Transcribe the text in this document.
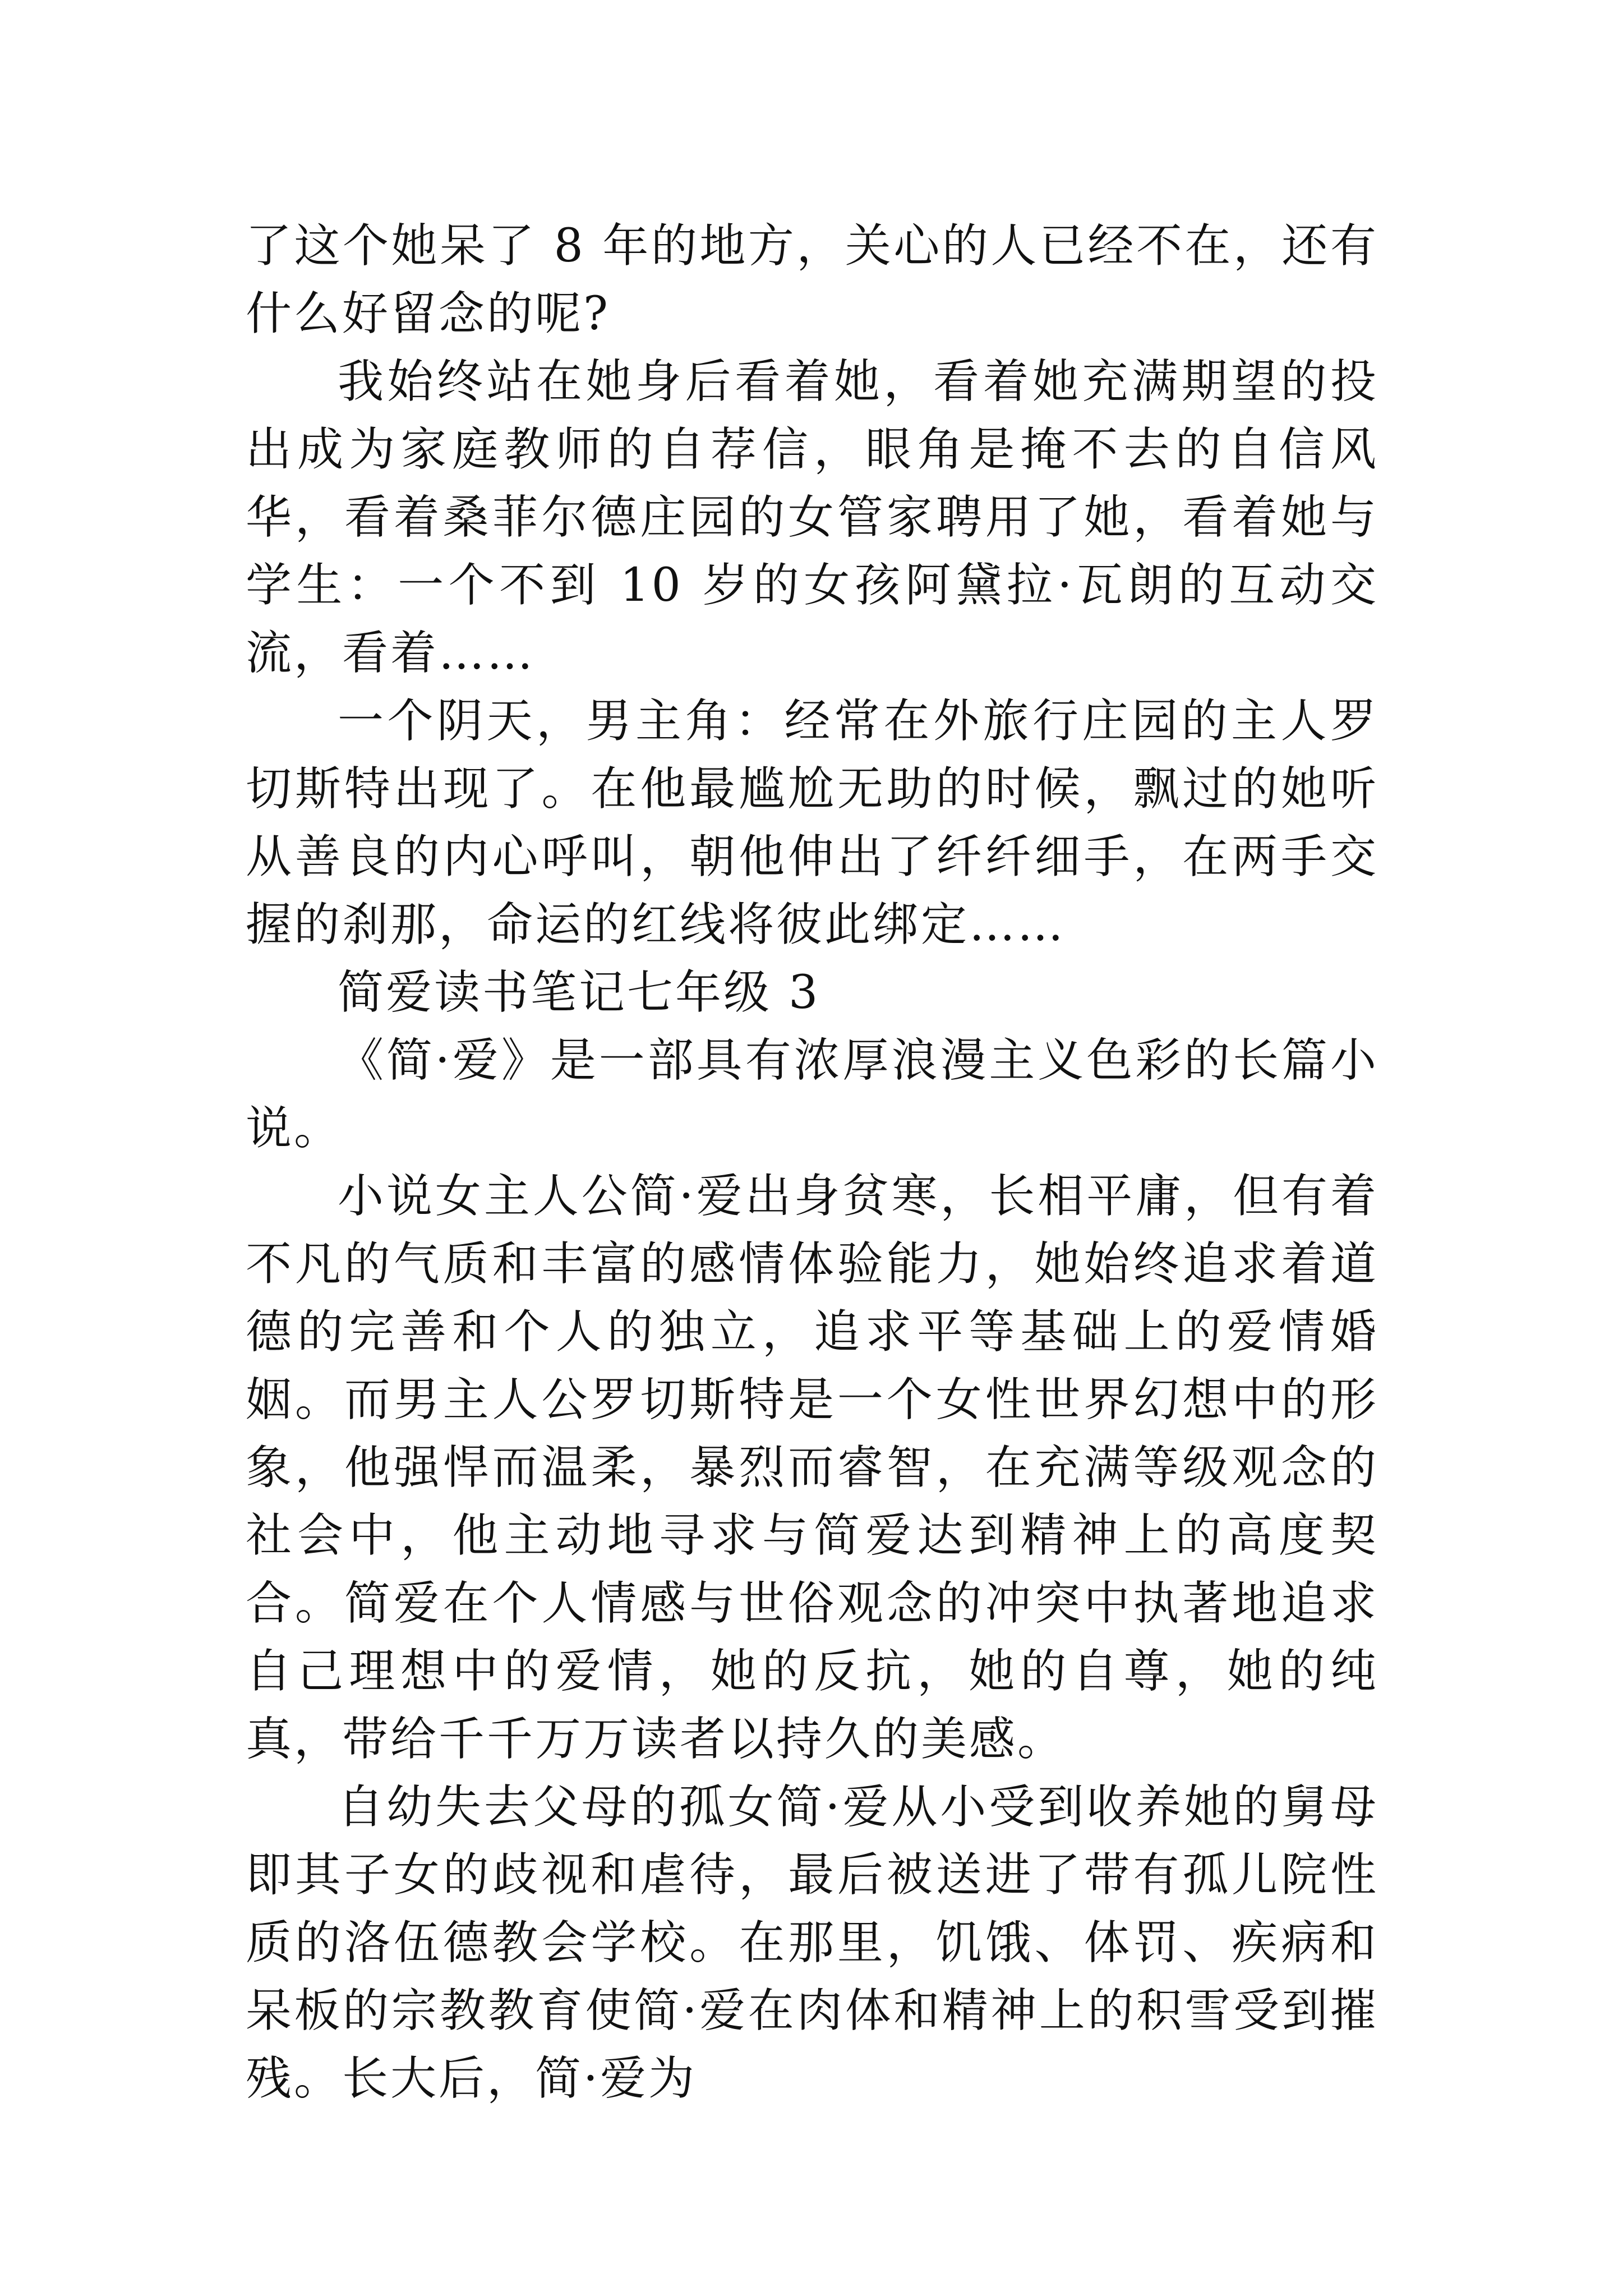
了这个她呆了 8 年的地方，关心的人已经不在，还有什么好留念的呢?

我始终站在她身后看着她，看着她充满期望的投出成为家庭教师的自荐信，眼角是掩不去的自信风华，看着桑菲尔德庄园的女管家聘用了她，看着她与学生：一个不到 10 岁的女孩阿黛拉·瓦朗的互动交流，看着……

一个阴天，男主角：经常在外旅行庄园的主人罗切斯特出现了。在他最尴尬无助的时候，飘过的她听从善良的内心呼叫，朝他伸出了纤纤细手，在两手交握的刹那，命运的红线将彼此绑定……

简爱读书笔记七年级 3

《简·爱》是一部具有浓厚浪漫主义色彩的长篇小说。

小说女主人公简·爱出身贫寒，长相平庸，但有着不凡的气质和丰富的感情体验能力，她始终追求着道德的完善和个人的独立，追求平等基础上的爱情婚姻。而男主人公罗切斯特是一个女性世界幻想中的形象，他强悍而温柔，暴烈而睿智，在充满等级观念的社会中，他主动地寻求与简爱达到精神上的高度契合。简爱在个人情感与世俗观念的冲突中执著地追求自己理想中的爱情，她的反抗，她的自尊，她的纯真，带给千千万万读者以持久的美感。

自幼失去父母的孤女简·爱从小受到收养她的舅母即其子女的歧视和虐待，最后被送进了带有孤儿院性质的洛伍德教会学校。在那里，饥饿、体罚、疾病和呆板的宗教教育使简·爱在肉体和精神上的积雪受到摧残。长大后，简·爱为
